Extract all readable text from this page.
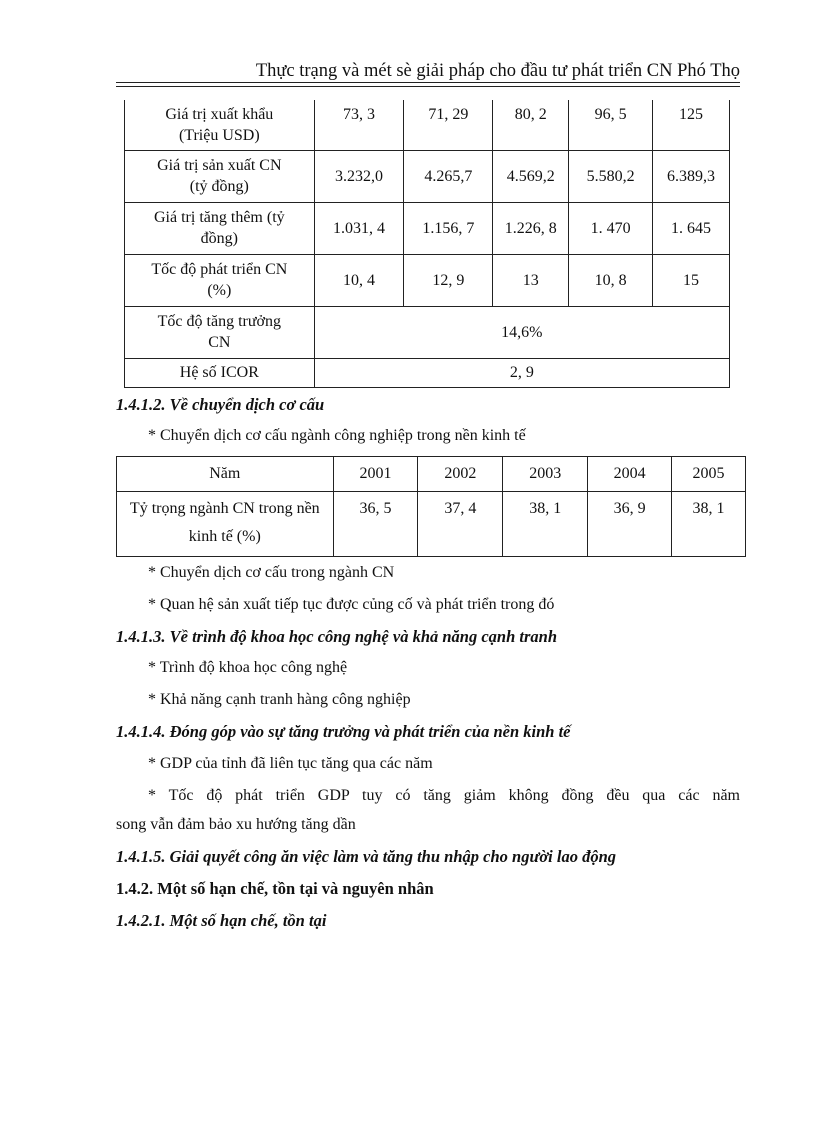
Thực trạng và mét sè giải pháp cho đầu tư phát triển CN Phó Thọ
Giá trị xuất khẩu (Triệu USD)	73, 3	71, 29	80, 2	96, 5	125
Giá trị sản xuất CN (tỷ đồng)	3.232,0	4.265,7	4.569,2	5.580,2	6.389,3
Giá trị tăng thêm (tỷ đồng)	1.031, 4	1.156, 7	1.226, 8	1. 470	1. 645
Tốc độ phát triển CN (%)	10, 4	12, 9	13	10, 8	15
Tốc độ tăng trưởng CN	14,6%				
Hệ số ICOR	2, 9				
1.4.1.2. Về chuyển dịch cơ cấu
* Chuyển dịch cơ cấu ngành công nghiệp trong nền kinh tế
Năm	2001	2002	2003	2004	2005
Tỷ trọng ngành CN trong nền kinh tế (%)	36, 5	37, 4	38, 1	36, 9	38, 1
* Chuyển dịch cơ cấu trong ngành CN
* Quan hệ sản xuất tiếp tục được củng cố và phát triển trong đó
1.4.1.3. Về trình độ khoa học công nghệ và khả năng cạnh tranh
* Trình độ khoa học công nghệ
* Khả năng cạnh tranh hàng công nghiệp
1.4.1.4. Đóng góp vào sự tăng trưởng và phát triển của nền kinh tế
* GDP của tỉnh đã liên tục tăng qua các năm
* Tốc độ phát triển GDP tuy có tăng giảm không đồng đều qua các năm
song vẫn đảm bảo xu hướng tăng dần
1.4.1.5. Giải quyết công ăn việc làm và tăng thu nhập cho người lao động
1.4.2. Một số hạn chế, tồn tại và nguyên nhân
1.4.2.1. Một số hạn chế, tồn tại
